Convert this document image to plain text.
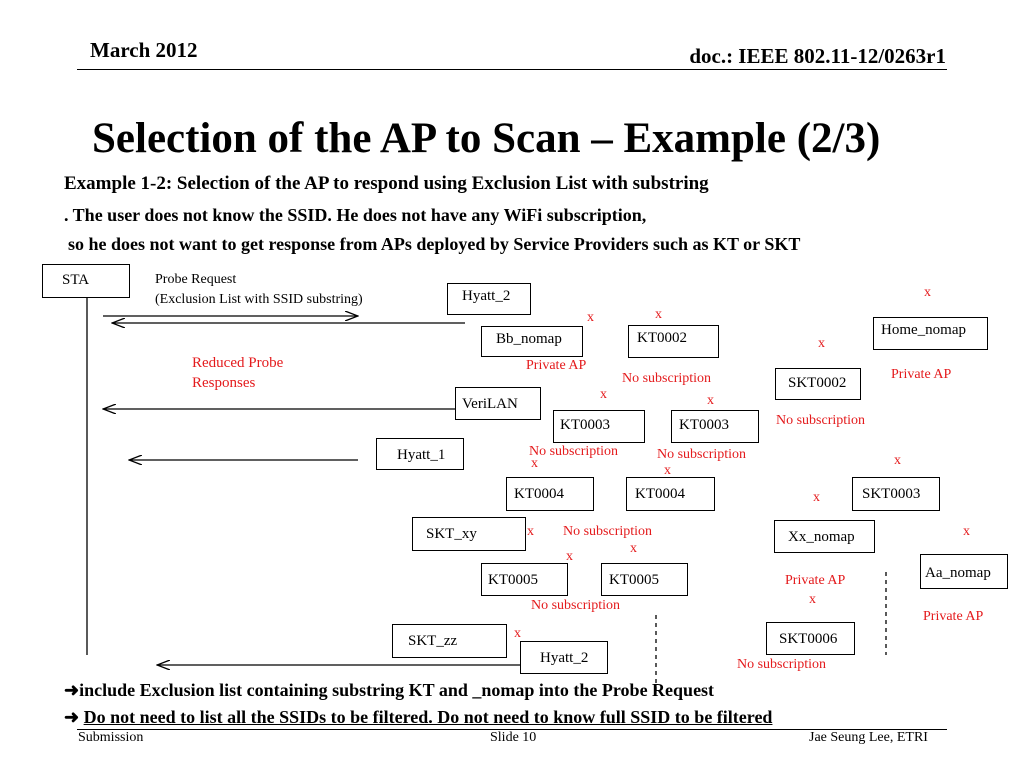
March 2012	doc.: IEEE 802.11-12/0263r1
Selection of the AP to Scan – Example (2/3)
Example 1-2: Selection of the AP to respond using Exclusion List with substring
. The user does not know the SSID. He does not have any WiFi subscription,
so he does not want to get response from APs deployed by Service Providers such as KT or SKT
STA	Probe Request
(Exclusion List with SSID substring)
Reduced Probe
Responses
Hyatt_2
Bb_nomap	KT0002	Home_nomap
SKT0002
VeriLAN
KT0003	KT0003
Hyatt_1
KT0004	KT0004	SKT0003
SKT_xy	Xx_nomap
Aa_nomap
KT0005	KT0005
SKT_zz	SKT0006
Hyatt_2
Private AP
Private AP
Private AP
Private AP
No subscription
No subscription
No subscription	No subscription
No subscription
No subscription
No subscription
x	x
x
x
x	x
x	x
x
x
x	x
x
x
x
x
➜include Exclusion list containing substring KT and _nomap into the Probe Request
➜ Do not need to list all the SSIDs to be filtered. Do not need to know full SSID to be filtered
Submission	Slide 10	Jae Seung Lee, ETRI
